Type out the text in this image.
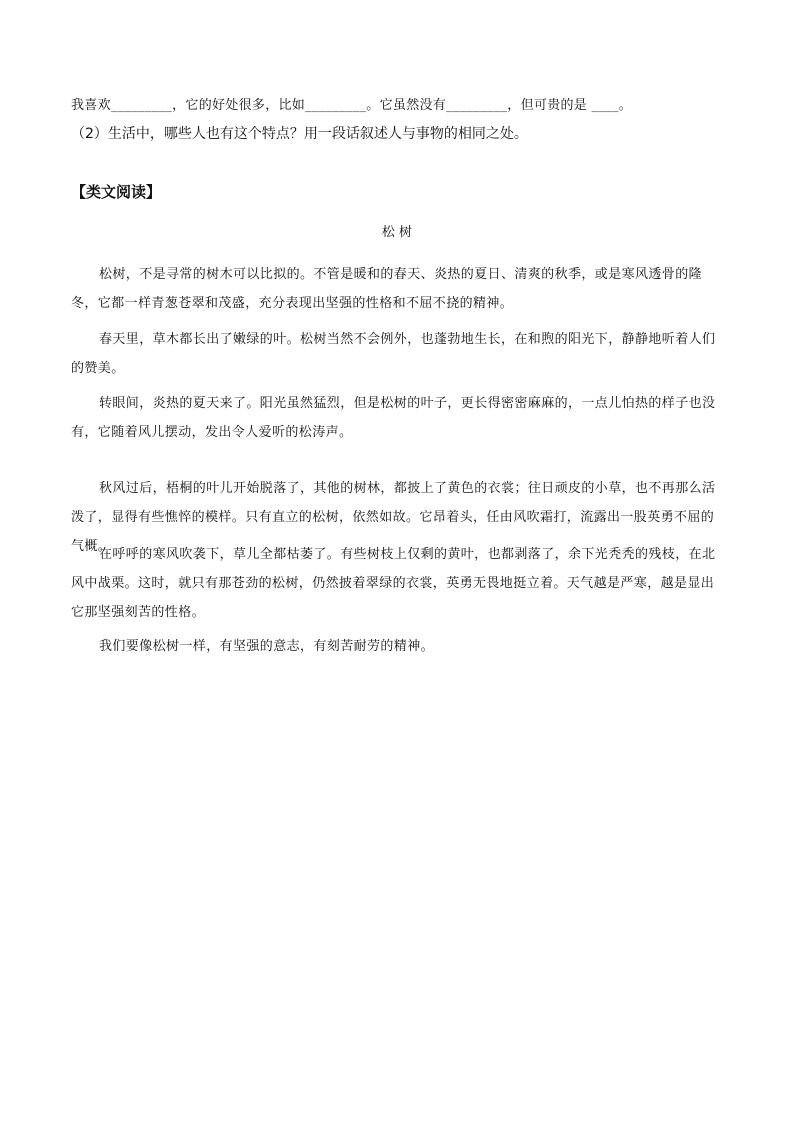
我喜欢_________，它的好处很多，比如_________。它虽然没有_________，但可贵的是 ____。
（2）生活中，哪些人也有这个特点？用一段话叙述人与事物的相同之处。
【类文阅读】
松 树

松树，不是寻常的树木可以比拟的。不管是暖和的春天、炎热的夏日、清爽的秋季，或是寒风透骨的隆冬，它都一样青葱苍翠和茂盛，充分表现出坚强的性格和不屈不挠的精神。

春天里，草木都长出了嫩绿的叶。松树当然不会例外，也蓬勃地生长，在和煦的阳光下，静静地听着人们的赞美。

转眼间，炎热的夏天来了。阳光虽然猛烈，但是松树的叶子，更长得密密麻麻的，一点儿怕热的样子也没有，它随着风儿摆动，发出令人爱听的松涛声。

秋风过后，梧桐的叶儿开始脱落了，其他的树林，都披上了黄色的衣裳；往日顽皮的小草，也不再那么活泼了，显得有些憔悴的模样。只有直立的松树，依然如故。它昂着头，任由风吹霜打，流露出一股英勇不屈的气概。

在呼呼的寒风吹袭下，草儿全都枯萎了。有些树枝上仅剩的黄叶，也都剥落了，余下光秃秃的残枝，在北风中战栗。这时，就只有那苍劲的松树，仍然披着翠绿的衣裳，英勇无畏地挺立着。天气越是严寒，越是显出它那坚强刻苦的性格。

我们要像松树一样，有坚强的意志，有刻苦耐劳的精神。
